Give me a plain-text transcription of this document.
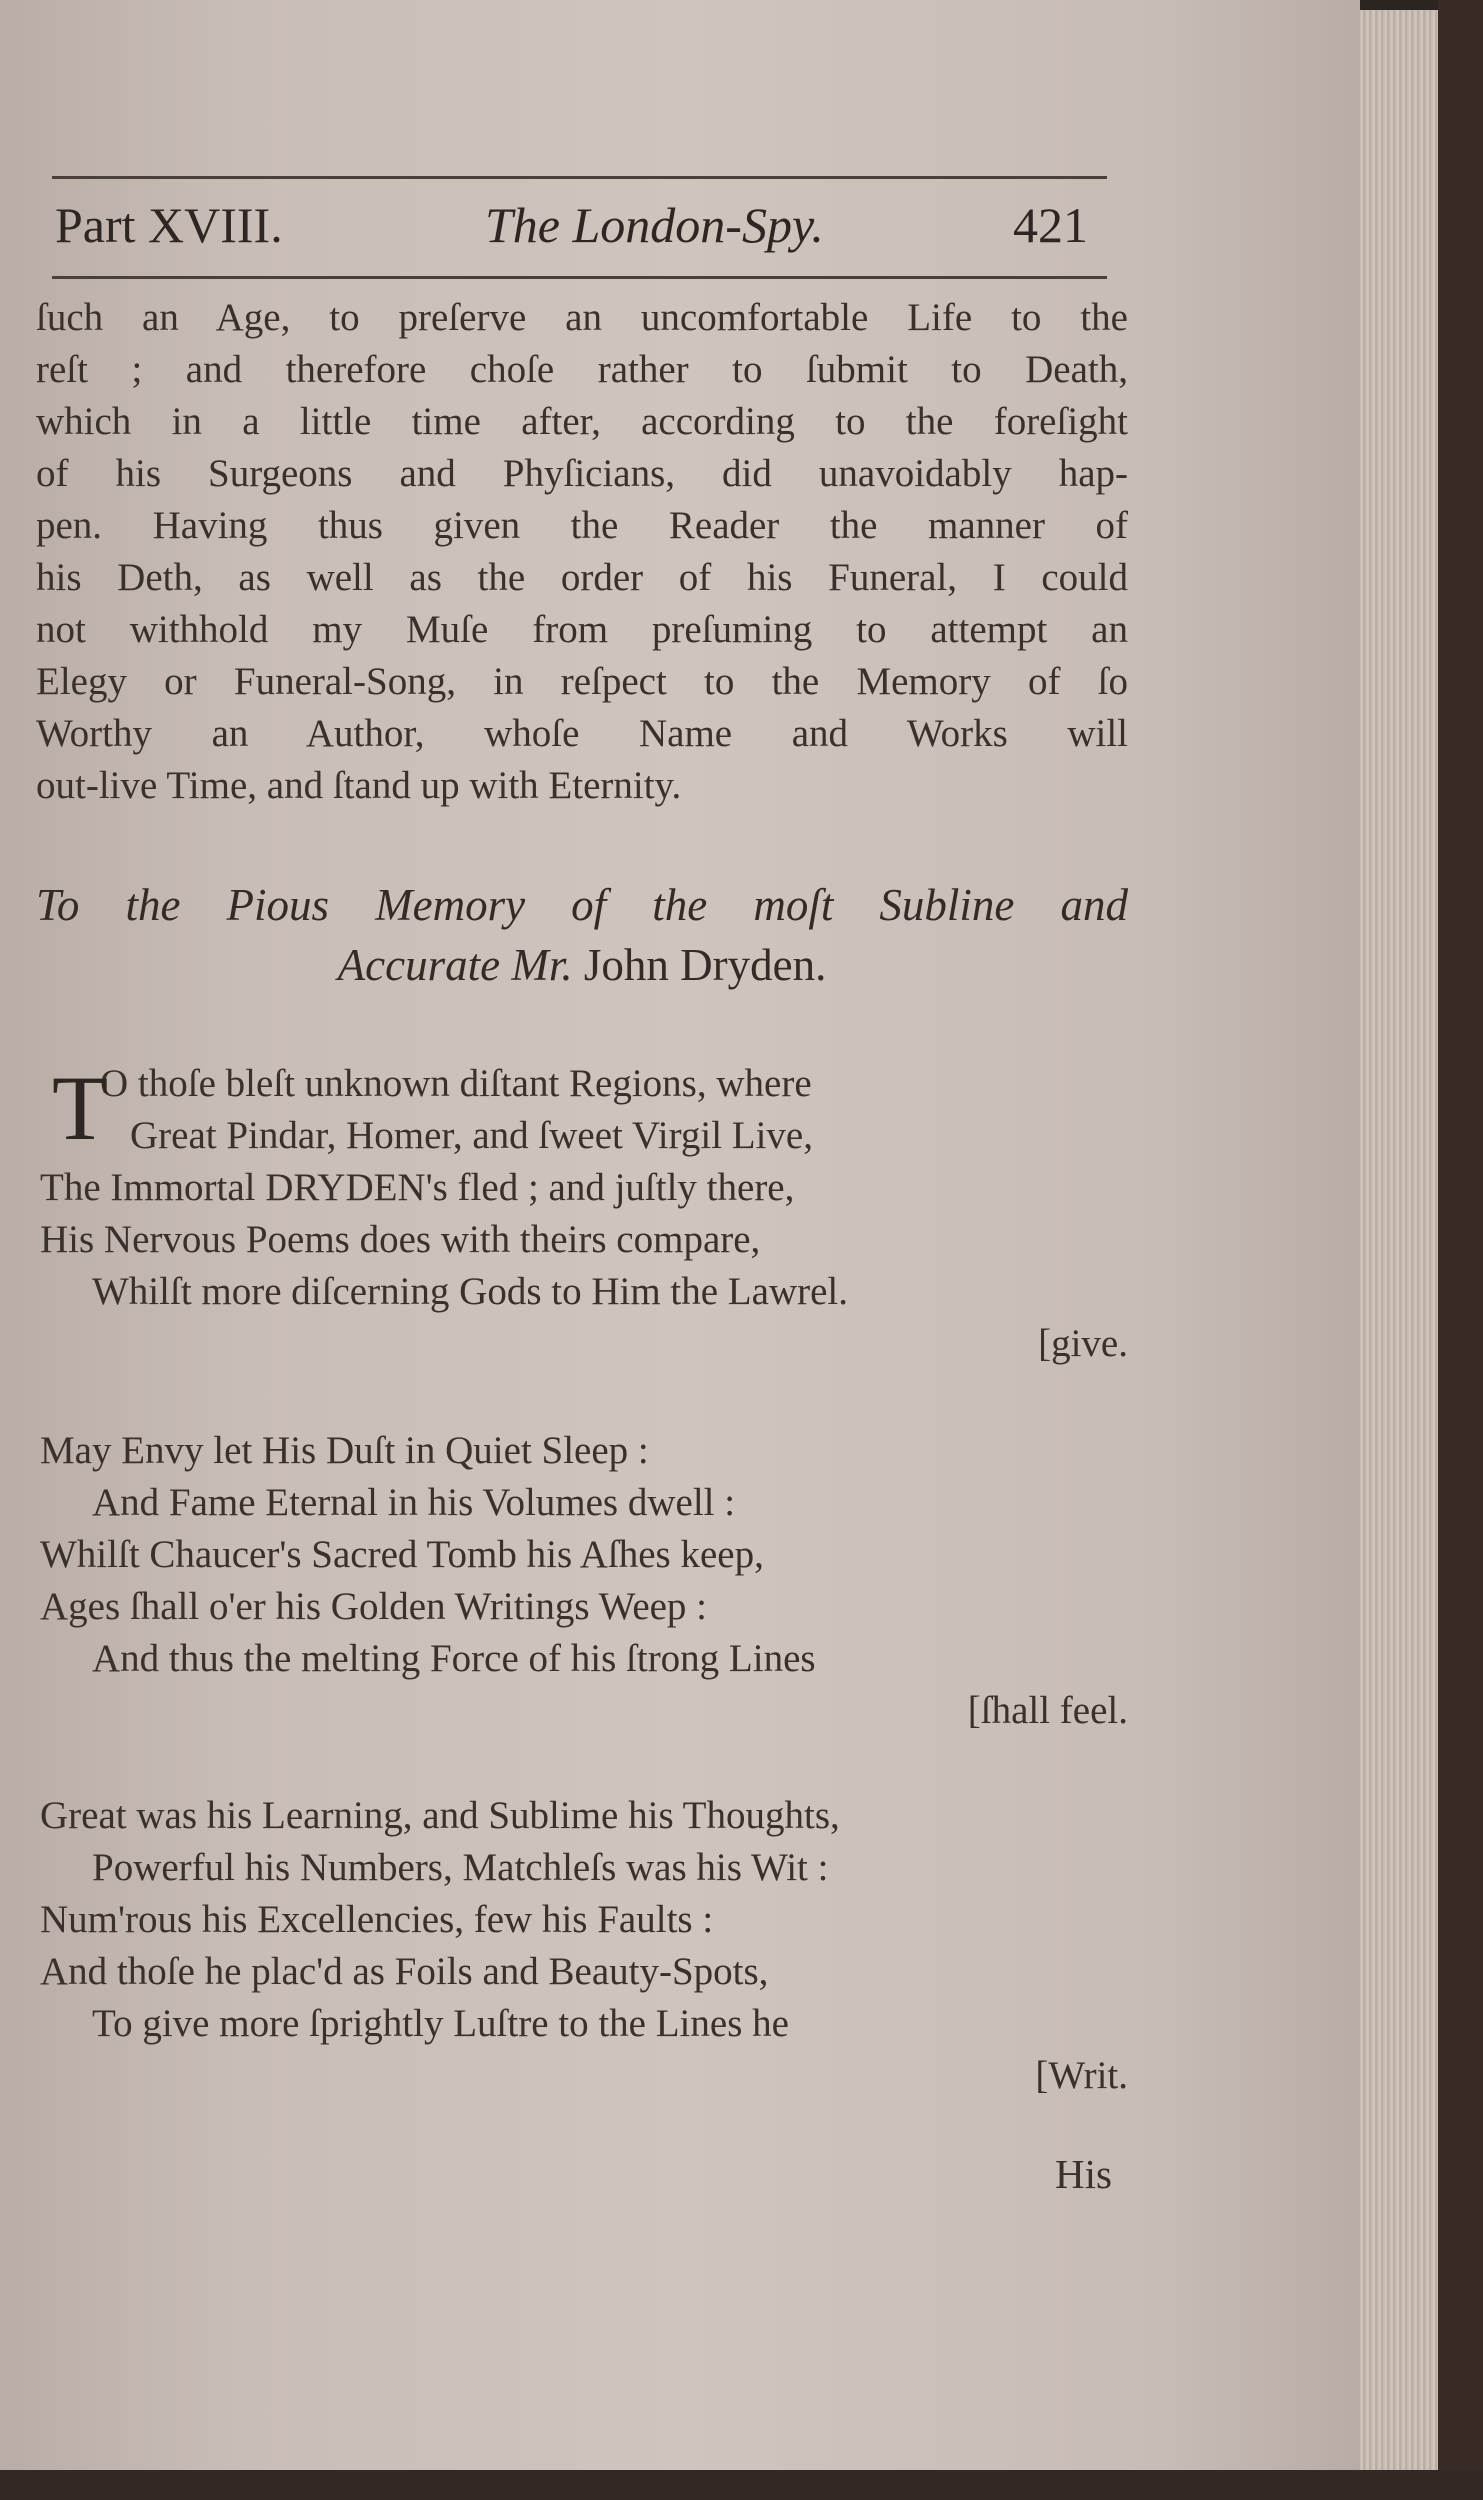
Part XVIII.	The London-Spy.	421
ſuch an Age, to preſerve an uncomfortable Life to the
reſt ; and therefore choſe rather to ſubmit to Death,
which in a little time after, according to the foreſight
of his Surgeons and Phyſicians, did unavoidably hap-
pen. Having thus given the Reader the manner of
his Deth, as well as the order of his Funeral, I could
not withhold my Muſe from preſuming to attempt an
Elegy or Funeral-Song, in reſpect to the Memory of ſo
Worthy an Author, whoſe Name and Works will
out-live Time, and ſtand up with Eternity.
To the Pious Memory of the moſt Subline and
Accurate Mr. John Dryden.
T
O thoſe bleſt unknown diſtant Regions, where
Great Pindar, Homer, and ſweet Virgil Live,
The Immortal DRYDEN's fled ; and juſtly there,
His Nervous Poems does with theirs compare,
Whilſt more diſcerning Gods to Him the Lawrel.
[give.
May Envy let His Duſt in Quiet Sleep :
And Fame Eternal in his Volumes dwell :
Whilſt Chaucer's Sacred Tomb his Aſhes keep,
Ages ſhall o'er his Golden Writings Weep :
And thus the melting Force of his ſtrong Lines
[ſhall feel.
Great was his Learning, and Sublime his Thoughts,
Powerful his Numbers, Matchleſs was his Wit :
Num'rous his Excellencies, few his Faults :
And thoſe he plac'd as Foils and Beauty-Spots,
To give more ſprightly Luſtre to the Lines he
[Writ.
His
